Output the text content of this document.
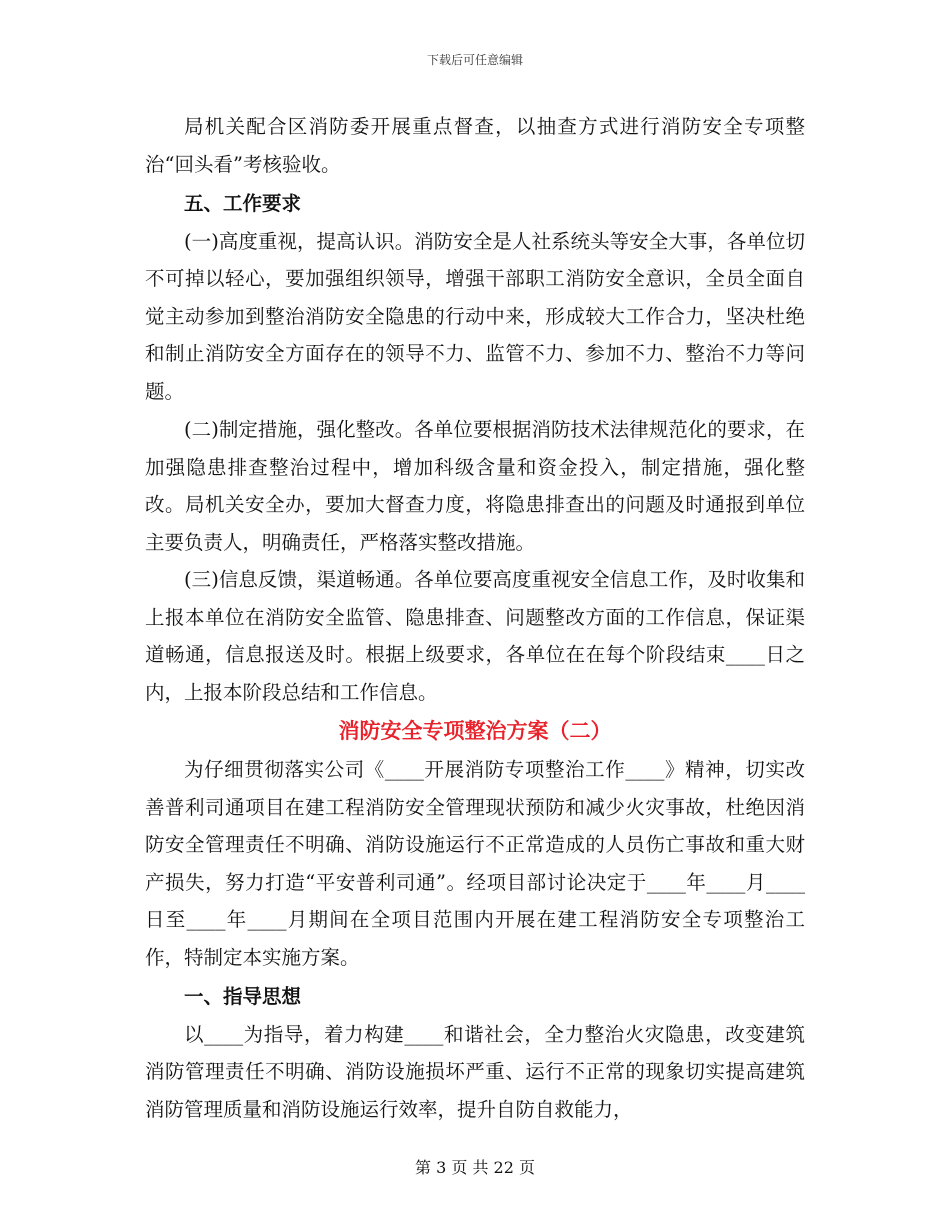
下载后可任意编辑

局机关配合区消防委开展重点督查，以抽查方式进行消防安全专项整治“回头看”考核验收。

五、工作要求

(一)高度重视，提高认识。消防安全是人社系统头等安全大事，各单位切不可掉以轻心，要加强组织领导，增强干部职工消防安全意识，全员全面自觉主动参加到整治消防安全隐患的行动中来，形成较大工作合力，坚决杜绝和制止消防安全方面存在的领导不力、监管不力、参加不力、整治不力等问题。

(二)制定措施，强化整改。各单位要根据消防技术法律规范化的要求，在加强隐患排查整治过程中，增加科级含量和资金投入，制定措施，强化整改。局机关安全办，要加大督查力度，将隐患排查出的问题及时通报到单位主要负责人，明确责任，严格落实整改措施。

(三)信息反馈，渠道畅通。各单位要高度重视安全信息工作，及时收集和上报本单位在消防安全监管、隐患排查、问题整改方面的工作信息，保证渠道畅通，信息报送及时。根据上级要求，各单位在在每个阶段结束____日之内，上报本阶段总结和工作信息。

消防安全专项整治方案（二）

为仔细贯彻落实公司《____开展消防专项整治工作____》精神，切实改善普利司通项目在建工程消防安全管理现状预防和减少火灾事故，杜绝因消防安全管理责任不明确、消防设施运行不正常造成的人员伤亡事故和重大财产损失，努力打造“平安普利司通”。经项目部讨论决定于____年____月____日至____年____月期间在全项目范围内开展在建工程消防安全专项整治工作，特制定本实施方案。

一、指导思想

以____为指导，着力构建____和谐社会，全力整治火灾隐患，改变建筑消防管理责任不明确、消防设施损坏严重、运行不正常的现象切实提高建筑消防管理质量和消防设施运行效率，提升自防自救能力，

第 3 页 共 22 页
